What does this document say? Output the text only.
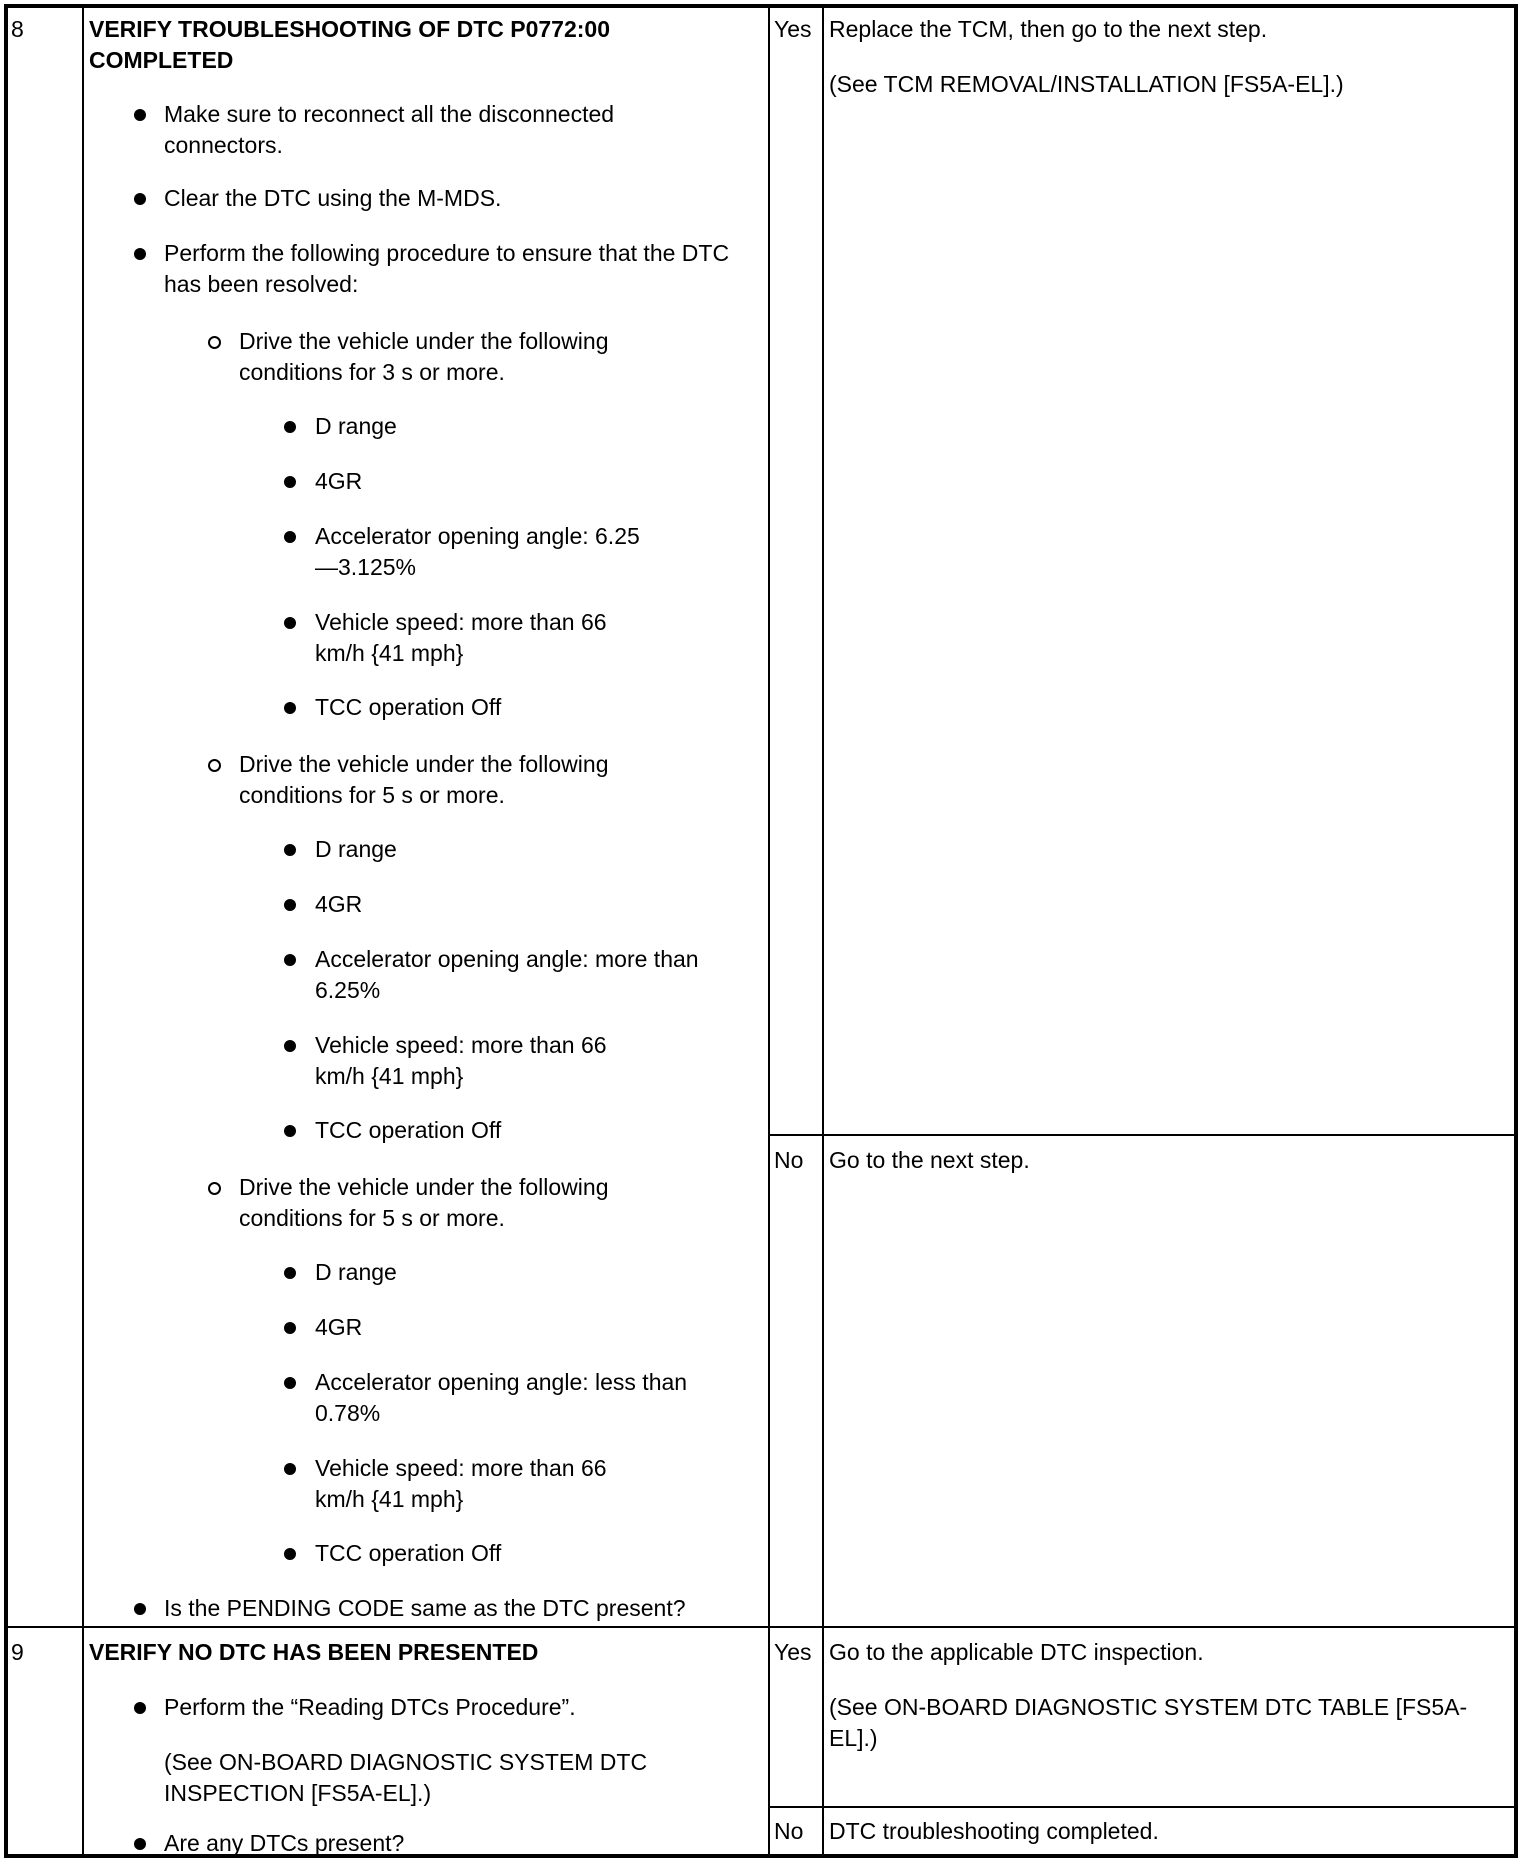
8	VERIFY TROUBLESHOOTING OF DTC P0772:00 COMPLETED
Make sure to reconnect all the disconnected connectors.
Clear the DTC using the M-MDS.
Perform the following procedure to ensure that the DTC has been resolved:
Drive the vehicle under the following conditions for 3 s or more.
D range
4GR
Accelerator opening angle: 6.25—3.125%
Vehicle speed: more than 66 km/h {41 mph}
TCC operation Off
Drive the vehicle under the following conditions for 5 s or more.
D range
4GR
Accelerator opening angle: more than 6.25%
Vehicle speed: more than 66 km/h {41 mph}
TCC operation Off
Drive the vehicle under the following conditions for 5 s or more.
D range
4GR
Accelerator opening angle: less than 0.78%
Vehicle speed: more than 66 km/h {41 mph}
TCC operation Off
Is the PENDING CODE same as the DTC present?
Yes Replace the TCM, then go to the next step.
(See TCM REMOVAL/INSTALLATION [FS5A-EL].)
No Go to the next step.
9	VERIFY NO DTC HAS BEEN PRESENTED
Perform the “Reading DTCs Procedure”.
(See ON-BOARD DIAGNOSTIC SYSTEM DTC INSPECTION [FS5A-EL].)
Are any DTCs present?
Yes Go to the applicable DTC inspection.
(See ON-BOARD DIAGNOSTIC SYSTEM DTC TABLE [FS5A-EL].)
No DTC troubleshooting completed.
